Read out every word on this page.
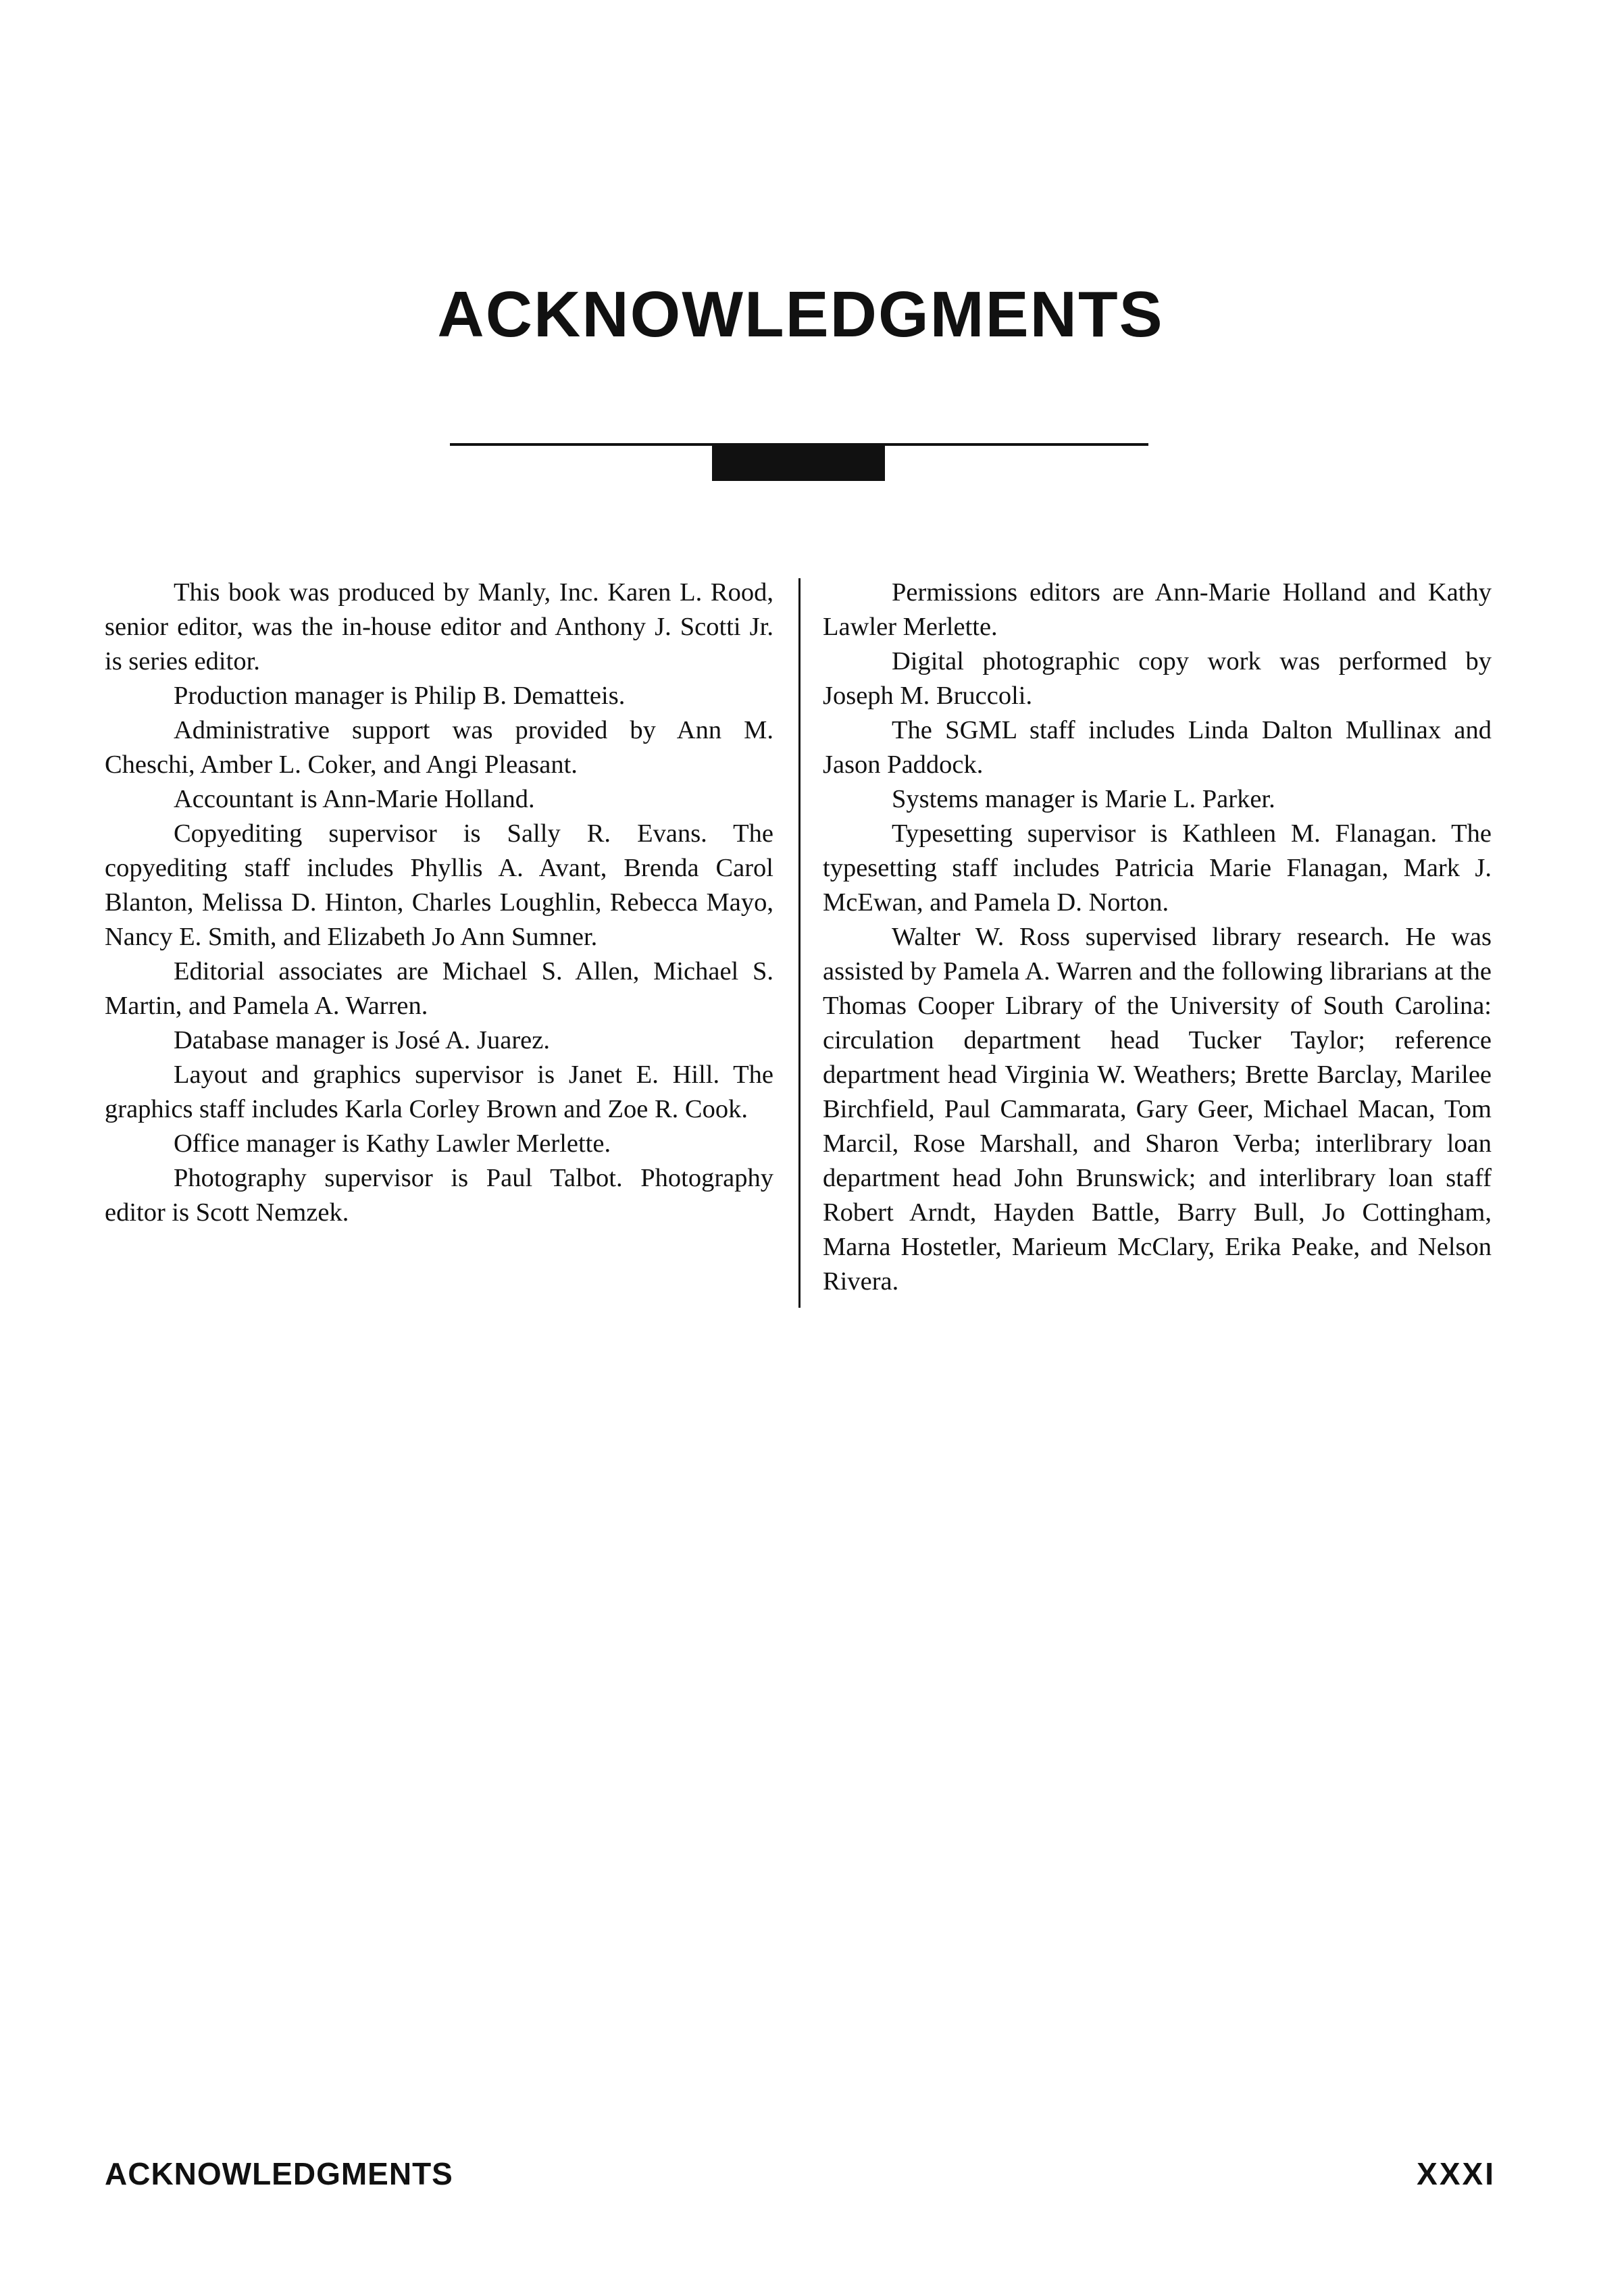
ACKNOWLEDGMENTS

This book was produced by Manly, Inc. Karen L. Rood, senior editor, was the in-house editor and Anthony J. Scotti Jr. is series editor.

Production manager is Philip B. Dematteis.

Administrative support was provided by Ann M. Cheschi, Amber L. Coker, and Angi Pleasant.

Accountant is Ann-Marie Holland.

Copyediting supervisor is Sally R. Evans. The copyediting staff includes Phyllis A. Avant, Brenda Carol Blanton, Melissa D. Hinton, Charles Loughlin, Rebecca Mayo, Nancy E. Smith, and Elizabeth Jo Ann Sumner.

Editorial associates are Michael S. Allen, Michael S. Martin, and Pamela A. Warren.

Database manager is José A. Juarez.

Layout and graphics supervisor is Janet E. Hill. The graphics staff includes Karla Corley Brown and Zoe R. Cook.

Office manager is Kathy Lawler Merlette.

Photography supervisor is Paul Talbot. Photography editor is Scott Nemzek.

Permissions editors are Ann-Marie Holland and Kathy Lawler Merlette.

Digital photographic copy work was performed by Joseph M. Bruccoli.

The SGML staff includes Linda Dalton Mullinax and Jason Paddock.

Systems manager is Marie L. Parker.

Typesetting supervisor is Kathleen M. Flanagan. The typesetting staff includes Patricia Marie Flanagan, Mark J. McEwan, and Pamela D. Norton.

Walter W. Ross supervised library research. He was assisted by Pamela A. Warren and the following librarians at the Thomas Cooper Library of the University of South Carolina: circulation department head Tucker Taylor; reference department head Virginia W. Weathers; Brette Barclay, Marilee Birchfield, Paul Cammarata, Gary Geer, Michael Macan, Tom Marcil, Rose Marshall, and Sharon Verba; interlibrary loan department head John Brunswick; and interlibrary loan staff Robert Arndt, Hayden Battle, Barry Bull, Jo Cottingham, Marna Hostetler, Marieum McClary, Erika Peake, and Nelson Rivera.

ACKNOWLEDGMENTS	XXXI
